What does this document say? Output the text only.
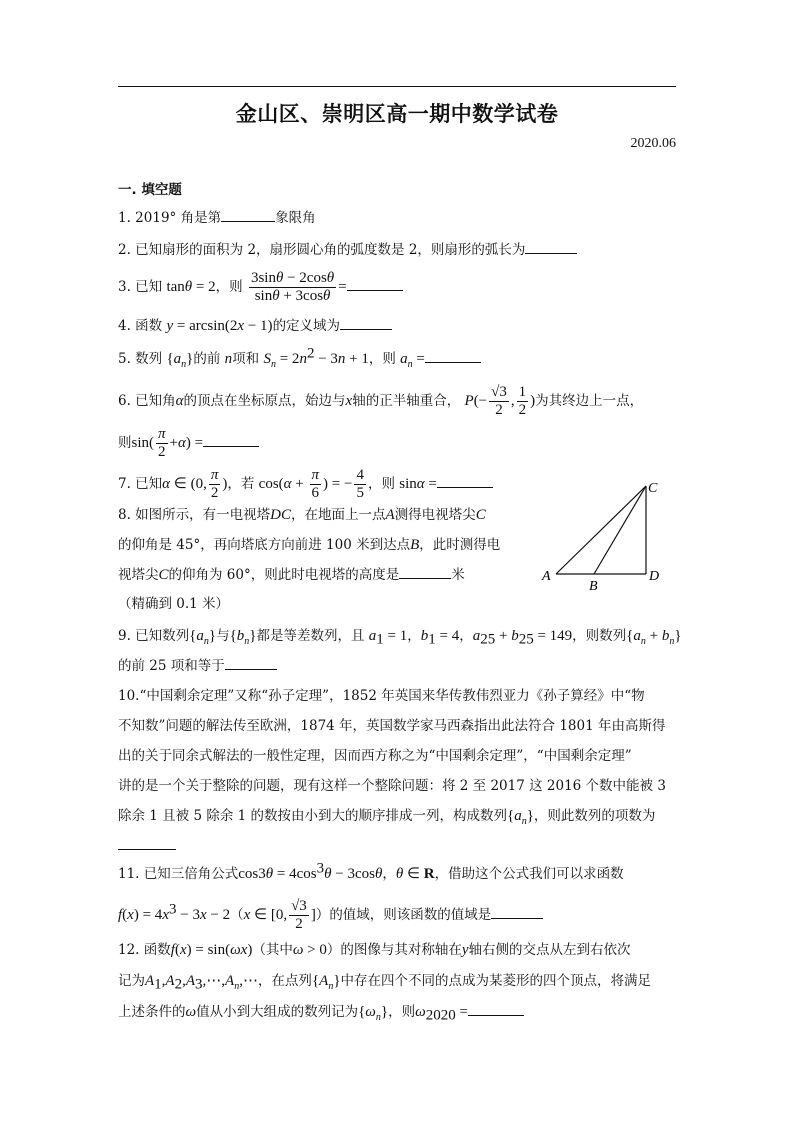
金山区、崇明区高一期中数学试卷
2020.06
一. 填空题
1. 2019° 角是第	象限角
2. 已知扇形的面积为 2，扇形圆心角的弧度数是 2，则扇形的弧长为
3. 已知 tanθ = 2，则 $\frac{3\sin\theta - 2\cos\theta}{\sin\theta + 3\cos\theta}$ =
4. 函数 y = arcsin(2x − 1)的定义域为
5. 数列 $\{a_n\}$的前 n项和 $S_n = 2n^2 - 3n + 1$，则 $a_n$ =
6. 已知角α的顶点在坐标原点，始边与x轴的正半轴重合， $P(- \frac{√3}{2}$ , $\frac{1}{2}$ )为其终边上一点，
则$\sin( \frac{\pi}{2} +\alpha)$ =
7. 已知α ∈ (0, $\frac{\pi}{2}$ )，若 $\cos(\alpha + \frac{\pi}{6}$ ) = − $\frac{4}{5}$ ，则 sinα =
8. 如图所示，有一电视塔DC，在地面上一点A测得电视塔尖C
的仰角是 45°，再向塔底方向前进 100 米到达点B，此时测得电
视塔尖C的仰角为 60°，则此时电视塔的高度是	米
（精确到 0.1 米）
C
A
B
D
9. 已知数列$\{a_n\}$与$\{b_n\}$都是等差数列，且 $a_1 = 1$，$b_1 = 4$，$a_{25} + b_{25} = 149$，则数列$\{a_n + b_n\}$
的前 25 项和等于
10.“中国剩余定理”又称“孙子定理”，1852 年英国来华传教伟烈亚力《孙子算经》中“物
不知数”问题的解法传至欧洲，1874 年，英国数学家马西森指出此法符合 1801 年由高斯得
出的关于同余式解法的一般性定理，因而西方称之为“中国剩余定理”，“中国剩余定理”
讲的是一个关于整除的问题，现有这样一个整除问题：将 2 至 2017 这 2016 个数中能被 3
除余 1 且被 5 除余 1 的数按由小到大的顺序排成一列，构成数列$\{a_n\}$，则此数列的项数为
11. 已知三倍角公式$\cos 3\theta = 4\cos^3\theta - 3\cos\theta$，θ ∈ R，借助这个公式我们可以求函数
$f(x) = 4x^3 - 3x - 2(x$ ∈ [0, $\frac{√3}{2}$ ]）的值域，则该函数的值域是
12. 函数f(x) = sin(ωx)（其中ω > 0）的图像与其对称轴在y轴右侧的交点从左到右依次
记为$A_1,A_2,A_3,\cdots,A_n,\cdots$，在点列$\{A_n\}$中存在四个不同的点成为某菱形的四个顶点，将满足
上述条件的ω值从小到大组成的数列记为$\{\omega_n\}$，则$\omega_{2020}$ =
